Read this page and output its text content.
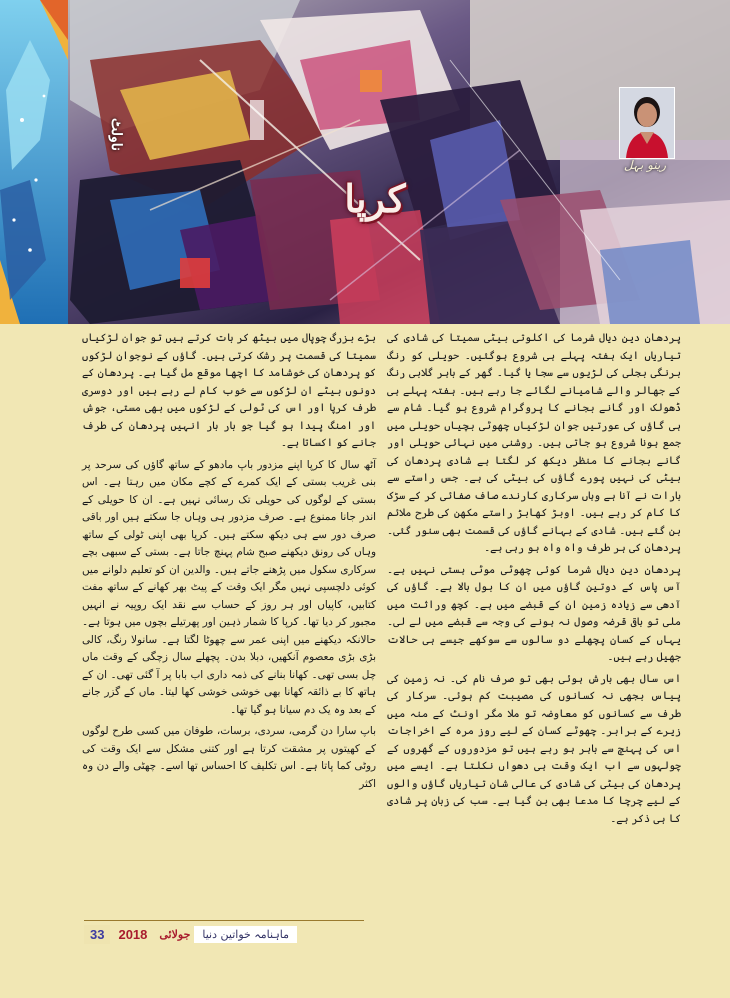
ناولٹ
رینو بہل
کرپا

پردھان دین دیال شرما کی اکلوتی بیٹی سمیتا کی شادی کی تیاریاں ایک ہفتہ پہلے ہی شروع ہوگئیں۔ حویلی کو رنگ برنگی بجلی کی لڑیوں سے سجا یا گیا۔ گھر کے باہر گلابی رنگ کے جھالر والے شامیانے لگائے جا رہے ہیں۔ ہفتہ پہلے ہی ڈھولک اور گانے بجانے کا پروگرام شروع ہو گیا۔ شام سے ہی گاؤں کی عورتیں جوان لڑکیاں چھوٹی بچیاں حویلی میں جمع ہونا شروع ہو جاتی ہیں۔ روشنی میں نہائی حویلی اور گانے بجانے کا منظر دیکھ کر لگتا ہے شادی پردھان کی بیٹی کی نہیں پورے گاؤں کی بیٹی کی ہے۔ جس راستے سے بارات نے آنا ہے وہاں سرکاری کارندے صاف صفائی کر کے سڑک کا کام کر رہے ہیں۔ اوبڑ کھابڑ راستے مکھن کی طرح ملائم بن گئے ہیں۔ شادی کے بہانے گاؤں کی قسمت بھی سنور گئی۔ پردھان کی ہر طرف واہ واہ ہو رہی ہے۔

پردھان دین دیال شرما کوئی چھوٹی موٹی ہستی نہیں ہے۔ آس پاس کے دوتین گاؤں میں ان کا بول بالا ہے۔ گاؤں کی آدھی سے زیادہ زمین ان کے قبضے میں ہے۔ کچھ وراثت میں ملی تو باقی قرضہ وصول نہ ہونے کی وجہ سے قبضے میں لے لی۔ یہاں کے کسان پچھلے دو سالوں سے سوکھے جیسے ہی حالات جھیل رہے ہیں۔

اس سال بھی بارش ہوئی بھی تو صرف نام کی۔ نہ زمین کی پیاس بجھی نہ کسانوں کی مصیبت کم ہوئی۔ سرکار کی طرف سے کسانوں کو معاوضہ تو ملا مگر اونٹ کے منہ میں زیرے کے برابر۔ چھوٹے کسان کے لیے روز مرہ کے اخراجات اس کی پہنچ سے باہر ہو رہے ہیں تو مزدوروں کے گھروں کے چولہوں سے اب ایک وقت ہی دھواں نکلتا ہے۔ ایسے میں پردھان کی بیٹی کی شادی کی عالی شان تیاریاں گاؤں والوں کے لیے چرچا کا مدعا بھی بن گیا ہے۔ سب کی زبان پر شادی کا ہی ذکر ہے۔

بڑے بزرگ چوپال میں بیٹھ کر بات کرتے ہیں تو جوان لڑکیاں سمیتا کی قسمت پر رشک کرتی ہیں۔ گاؤں کے نوجوان لڑکوں کو پردھان کی خوشامد کا اچھا موقع مل گیا ہے۔ پردھان کے دونوں بیٹے ان لڑکوں سے خوب کام لے رہے ہیں اور دوسری طرف کرپا اور اس کی ٹولی کے لڑکوں میں بھی مستی، جوش اور امنگ پیدا ہو گیا جو بار بار انہیں پردھان کی طرف جانے کو اکساتا ہے۔

آٹھ سال کا کرپا اپنے مزدور باپ مادھو کے ساتھ گاؤں کی سرحد پر بنی غریب بستی کے ایک کمرے کے کچے مکان میں رہتا ہے۔ اس بستی کے لوگوں کی حویلی تک رسائی نہیں ہے۔ ان کا حویلی کے اندر جانا ممنوع ہے۔ صرف مزدور ہی وہاں جا سکتے ہیں اور باقی صرف دور سے ہی دیکھ سکتے ہیں۔ کرپا بھی اپنی ٹولی کے ساتھ وہاں کی رونق دیکھنے صبح شام پہنچ جاتا ہے۔ بستی کے سبھی بچے سرکاری سکول میں پڑھنے جاتے ہیں۔ والدین ان کو تعلیم دلوانے میں کوئی دلچسپی نہیں مگر ایک وقت کے پیٹ بھر کھانے کے ساتھ مفت کتابیں، کاپیاں اور ہر روز کے حساب سے نقد ایک روپیہ نے انہیں مجبور کر دیا تھا۔ کرپا کا شمار ذہین اور پھرتیلے بچوں میں ہوتا ہے۔ حالانکہ دیکھنے میں اپنی عمر سے چھوٹا لگتا ہے۔ سانولا رنگ، کالی بڑی بڑی معصوم آنکھیں، دبلا بدن۔ پچھلے سال زچگی کے وقت ماں چل بسی تھی۔ کھانا بنانے کی ذمہ داری اب بابا پر آ گئی تھی۔ ان کے ہاتھ کا بے ذائقہ کھانا بھی خوشی خوشی کھا لیتا۔ ماں کے گزر جانے کے بعد وہ یک دم سیانا ہو گیا تھا۔

باپ سارا دن گرمی، سردی، برسات، طوفان میں کسی طرح لوگوں کے کھیتوں پر مشقت کرتا ہے اور کتنی مشکل سے ایک وقت کی روٹی کما پاتا ہے۔ اس تکلیف کا احساس تھا اسے۔ چھٹی والے دن وہ اکثر

33	2018	جولائی	ماہنامہ خواتین دنیا
